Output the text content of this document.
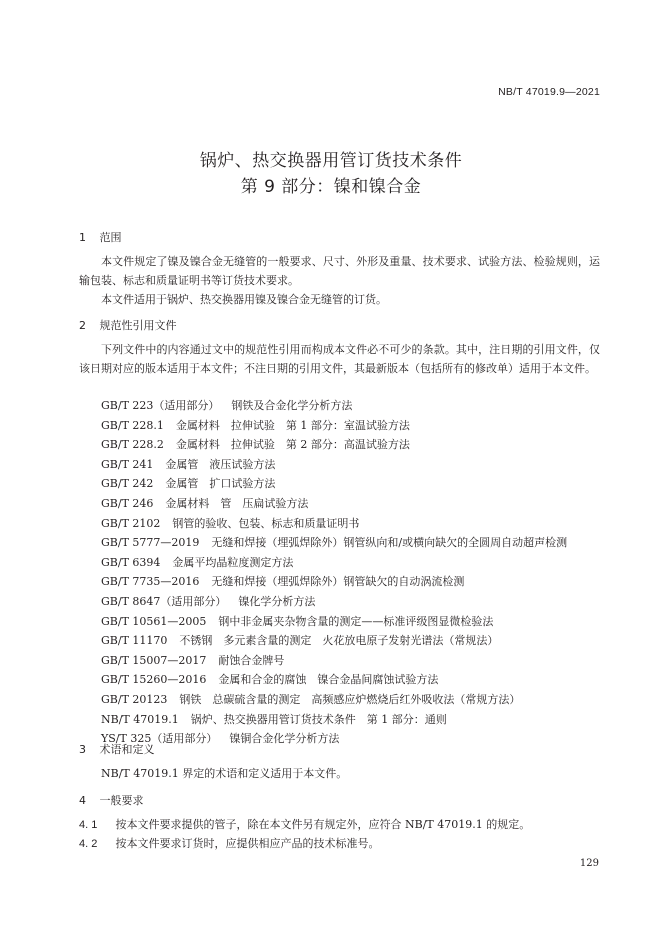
NB/T 47019.9—2021
锅炉、热交换器用管订货技术条件
第 9 部分：镍和镍合金
1 范围
本文件规定了镍及镍合金无缝管的一般要求、尺寸、外形及重量、技术要求、试验方法、检验规则，运输包装、标志和质量证明书等订货技术要求。
本文件适用于锅炉、热交换器用镍及镍合金无缝管的订货。
2 规范性引用文件
下列文件中的内容通过文中的规范性引用而构成本文件必不可少的条款。其中，注日期的引用文件，仅该日期对应的版本适用于本文件；不注日期的引用文件，其最新版本（包括所有的修改单）适用于本文件。
GB/T 223（适用部分） 钢铁及合金化学分析方法
GB/T 228.1 金属材料　拉伸试验　第 1 部分：室温试验方法
GB/T 228.2 金属材料　拉伸试验　第 2 部分：高温试验方法
GB/T 241 金属管　液压试验方法
GB/T 242 金属管　扩口试验方法
GB/T 246 金属材料　管　压扁试验方法
GB/T 2102 钢管的验收、包装、标志和质量证明书
GB/T 5777—2019 无缝和焊接（埋弧焊除外）钢管纵向和/或横向缺欠的全圆周自动超声检测
GB/T 6394 金属平均晶粒度测定方法
GB/T 7735—2016 无缝和焊接（埋弧焊除外）钢管缺欠的自动涡流检测
GB/T 8647（适用部分） 镍化学分析方法
GB/T 10561—2005 钢中非金属夹杂物含量的测定——标准评级图显微检验法
GB/T 11170 不锈钢　多元素含量的测定　火花放电原子发射光谱法（常规法）
GB/T 15007—2017 耐蚀合金牌号
GB/T 15260—2016 金属和合金的腐蚀　镍合金晶间腐蚀试验方法
GB/T 20123 钢铁　总碳硫含量的测定　高频感应炉燃烧后红外吸收法（常规方法）
NB/T 47019.1 锅炉、热交换器用管订货技术条件　第 1 部分：通则
YS/T 325（适用部分） 镍铜合金化学分析方法
3 术语和定义
NB/T 47019.1 界定的术语和定义适用于本文件。
4 一般要求
4. 1 按本文件要求提供的管子，除在本文件另有规定外，应符合 NB/T 47019.1 的规定。
4. 2 按本文件要求订货时，应提供相应产品的技术标准号。
129
